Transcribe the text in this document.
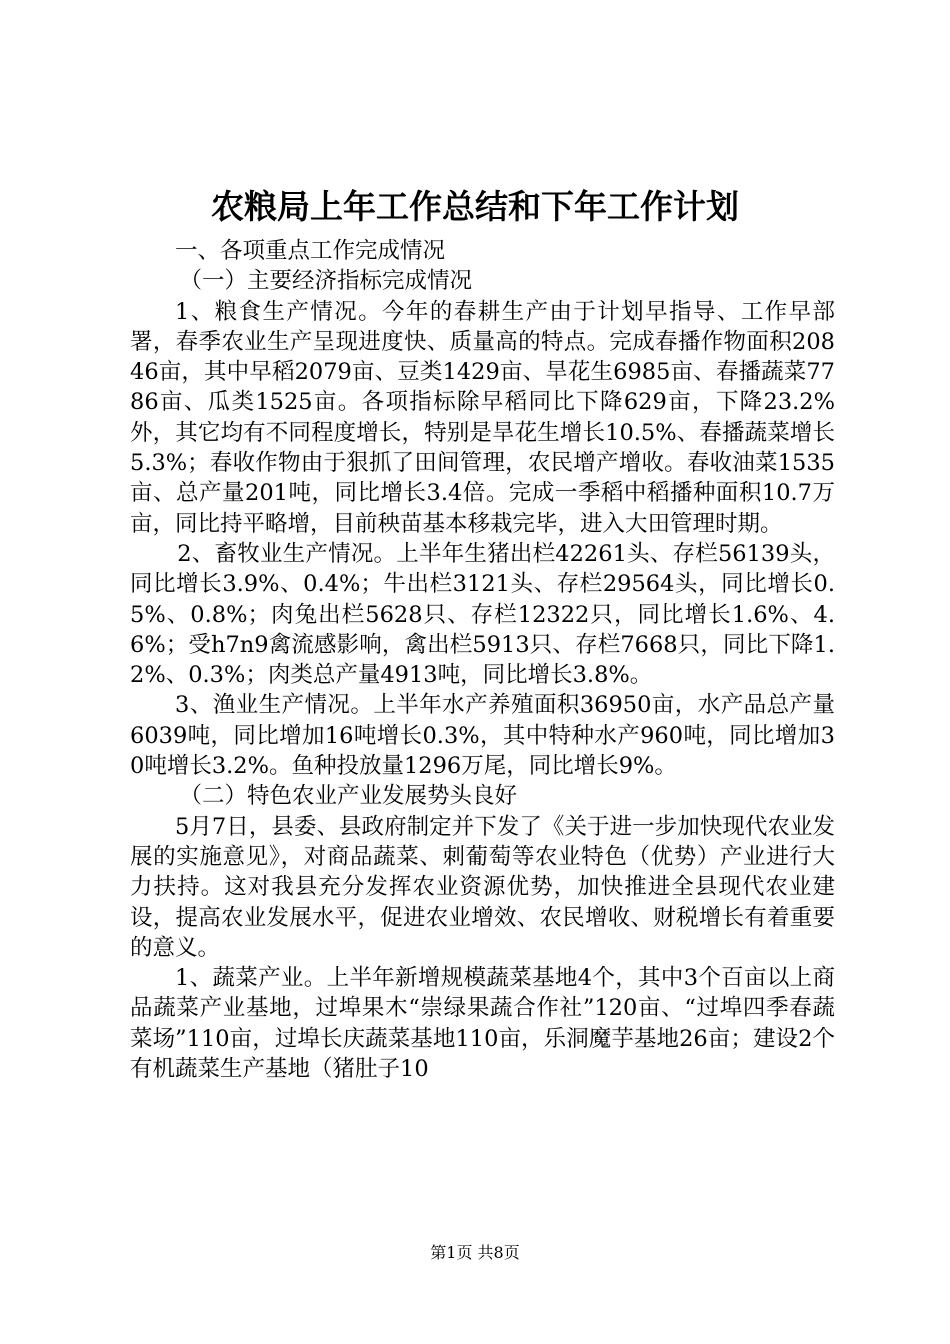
农粮局上年工作总结和下年工作计划

一、各项重点工作完成情况

（一）主要经济指标完成情况

1、粮食生产情况。今年的春耕生产由于计划早指导、工作早部署，春季农业生产呈现进度快、质量高的特点。完成春播作物面积20846亩，其中早稻2079亩、豆类1429亩、旱花生6985亩、春播蔬菜7786亩、瓜类1525亩。各项指标除早稻同比下降629亩，下降23.2%外，其它均有不同程度增长，特别是旱花生增长10.5%、春播蔬菜增长5.3%；春收作物由于狠抓了田间管理，农民增产增收。春收油菜1535亩、总产量201吨，同比增长3.4倍。完成一季稻中稻播种面积10.7万亩，同比持平略增，目前秧苗基本移栽完毕，进入大田管理时期。

2、畜牧业生产情况。上半年生猪出栏42261头、存栏56139头，同比增长3.9%、0.4%；牛出栏3121头、存栏29564头，同比增长0.5%、0.8%；肉兔出栏5628只、存栏12322只，同比增长1.6%、4.6%；受h7n9禽流感影响，禽出栏5913只、存栏7668只，同比下降1.2%、0.3%；肉类总产量4913吨，同比增长3.8%。

3、渔业生产情况。上半年水产养殖面积36950亩，水产品总产量6039吨，同比增加16吨增长0.3%，其中特种水产960吨，同比增加30吨增长3.2%。鱼种投放量1296万尾，同比增长9%。

（二）特色农业产业发展势头良好

5月7日，县委、县政府制定并下发了《关于进一步加快现代农业发展的实施意见》，对商品蔬菜、刺葡萄等农业特色（优势）产业进行大力扶持。这对我县充分发挥农业资源优势，加快推进全县现代农业建设，提高农业发展水平，促进农业增效、农民增收、财税增长有着重要的意义。

1、蔬菜产业。上半年新增规模蔬菜基地4个，其中3个百亩以上商品蔬菜产业基地，过埠果木“崇绿果蔬合作社”120亩、“过埠四季春蔬菜场”110亩，过埠长庆蔬菜基地110亩，乐洞魔芋基地26亩；建设2个有机蔬菜生产基地（猪肚子10

第1页 共8页
